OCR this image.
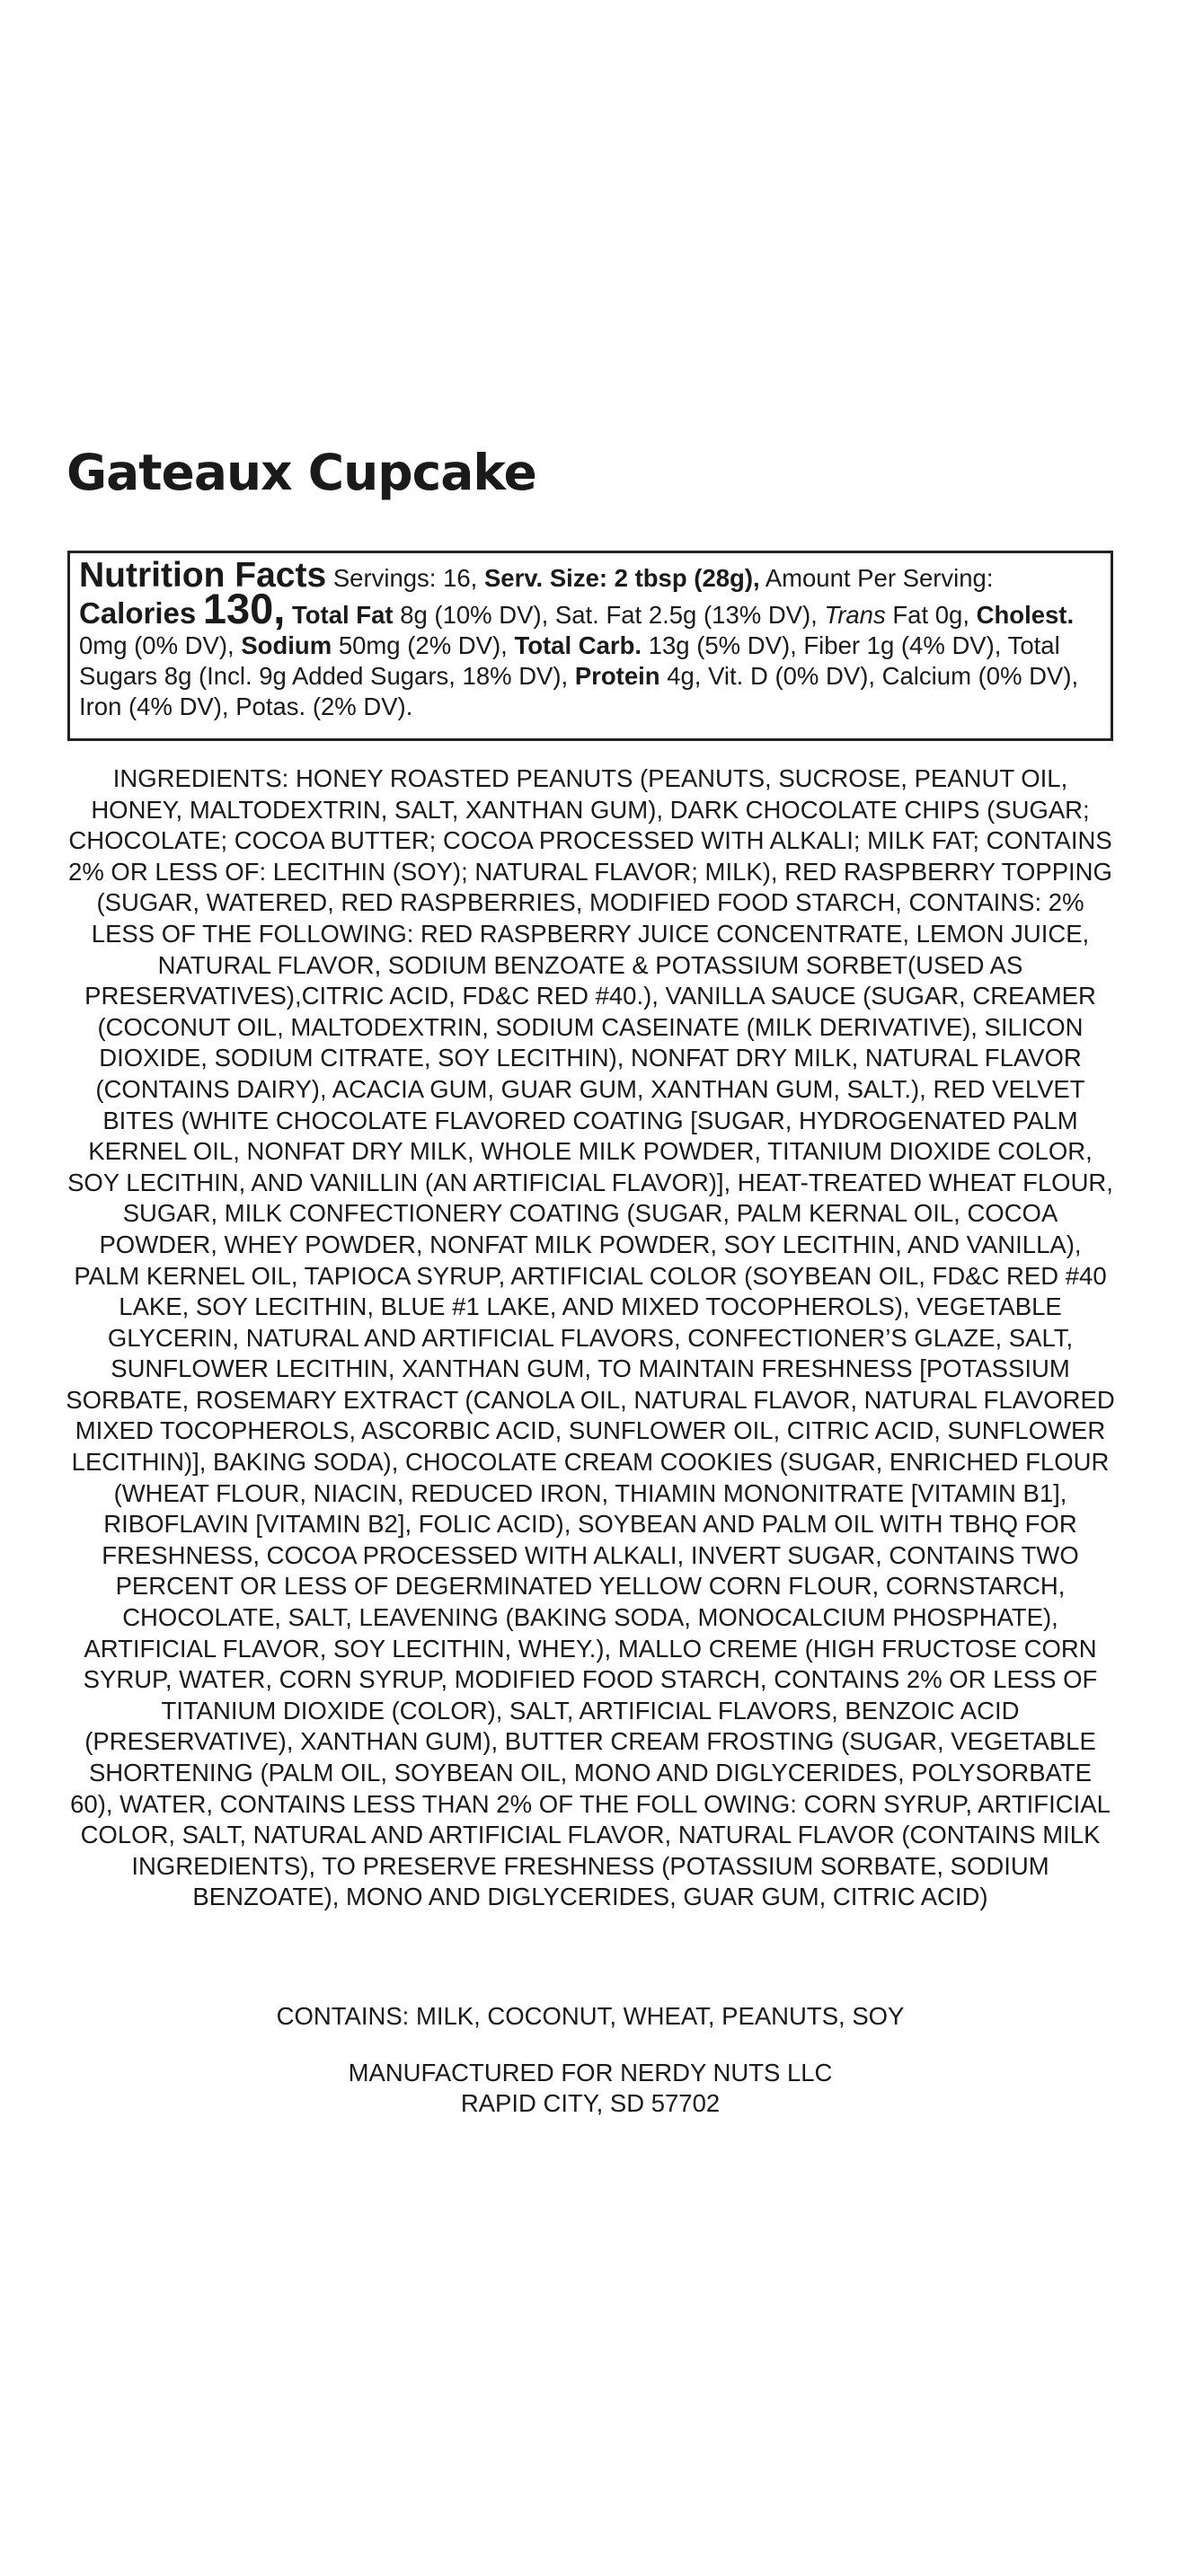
Gateaux Cupcake
Nutrition Facts Servings: 16, Serv. Size: 2 tbsp (28g), Amount Per Serving: Calories 130, Total Fat 8g (10% DV), Sat. Fat 2.5g (13% DV), Trans Fat 0g, Cholest. 0mg (0% DV), Sodium 50mg (2% DV), Total Carb. 13g (5% DV), Fiber 1g (4% DV), Total Sugars 8g (Incl. 9g Added Sugars, 18% DV), Protein 4g, Vit. D (0% DV), Calcium (0% DV), Iron (4% DV), Potas. (2% DV).

INGREDIENTS: HONEY ROASTED PEANUTS (PEANUTS, SUCROSE, PEANUT OIL, HONEY, MALTODEXTRIN, SALT, XANTHAN GUM), DARK CHOCOLATE CHIPS (SUGAR; CHOCOLATE; COCOA BUTTER; COCOA PROCESSED WITH ALKALI; MILK FAT; CONTAINS 2% OR LESS OF: LECITHIN (SOY); NATURAL FLAVOR; MILK), RED RASPBERRY TOPPING (SUGAR, WATERED, RED RASPBERRIES, MODIFIED FOOD STARCH, CONTAINS: 2% LESS OF THE FOLLOWING: RED RASPBERRY JUICE CONCENTRATE, LEMON JUICE, NATURAL FLAVOR, SODIUM BENZOATE & POTASSIUM SORBET(USED AS PRESERVATIVES),CITRIC ACID, FD&C RED #40.), VANILLA SAUCE (SUGAR, CREAMER (COCONUT OIL, MALTODEXTRIN, SODIUM CASEINATE (MILK DERIVATIVE), SILICON DIOXIDE, SODIUM CITRATE, SOY LECITHIN), NONFAT DRY MILK, NATURAL FLAVOR (CONTAINS DAIRY), ACACIA GUM, GUAR GUM, XANTHAN GUM, SALT.), RED VELVET BITES (WHITE CHOCOLATE FLAVORED COATING [SUGAR, HYDROGENATED PALM KERNEL OIL, NONFAT DRY MILK, WHOLE MILK POWDER, TITANIUM DIOXIDE COLOR, SOY LECITHIN, AND VANILLIN (AN ARTIFICIAL FLAVOR)], HEAT-TREATED WHEAT FLOUR, SUGAR, MILK CONFECTIONERY COATING (SUGAR, PALM KERNAL OIL, COCOA POWDER, WHEY POWDER, NONFAT MILK POWDER, SOY LECITHIN, AND VANILLA), PALM KERNEL OIL, TAPIOCA SYRUP, ARTIFICIAL COLOR (SOYBEAN OIL, FD&C RED #40 LAKE, SOY LECITHIN, BLUE #1 LAKE, AND MIXED TOCOPHEROLS), VEGETABLE GLYCERIN, NATURAL AND ARTIFICIAL FLAVORS, CONFECTIONER’S GLAZE, SALT, SUNFLOWER LECITHIN, XANTHAN GUM, TO MAINTAIN FRESHNESS [POTASSIUM SORBATE, ROSEMARY EXTRACT (CANOLA OIL, NATURAL FLAVOR, NATURAL FLAVORED MIXED TOCOPHEROLS, ASCORBIC ACID, SUNFLOWER OIL, CITRIC ACID, SUNFLOWER LECITHIN)], BAKING SODA), CHOCOLATE CREAM COOKIES (SUGAR, ENRICHED FLOUR (WHEAT FLOUR, NIACIN, REDUCED IRON, THIAMIN MONONITRATE [VITAMIN B1], RIBOFLAVIN [VITAMIN B2], FOLIC ACID), SOYBEAN AND PALM OIL WITH TBHQ FOR FRESHNESS, COCOA PROCESSED WITH ALKALI, INVERT SUGAR, CONTAINS TWO PERCENT OR LESS OF DEGERMINATED YELLOW CORN FLOUR, CORNSTARCH, CHOCOLATE, SALT, LEAVENING (BAKING SODA, MONOCALCIUM PHOSPHATE), ARTIFICIAL FLAVOR, SOY LECITHIN, WHEY.), MALLO CREME (HIGH FRUCTOSE CORN SYRUP, WATER, CORN SYRUP, MODIFIED FOOD STARCH, CONTAINS 2% OR LESS OF TITANIUM DIOXIDE (COLOR), SALT, ARTIFICIAL FLAVORS, BENZOIC ACID (PRESERVATIVE), XANTHAN GUM), BUTTER CREAM FROSTING (SUGAR, VEGETABLE SHORTENING (PALM OIL, SOYBEAN OIL, MONO AND DIGLYCERIDES, POLYSORBATE 60), WATER, CONTAINS LESS THAN 2% OF THE FOLL OWING: CORN SYRUP, ARTIFICIAL COLOR, SALT, NATURAL AND ARTIFICIAL FLAVOR, NATURAL FLAVOR (CONTAINS MILK INGREDIENTS), TO PRESERVE FRESHNESS (POTASSIUM SORBATE, SODIUM BENZOATE), MONO AND DIGLYCERIDES, GUAR GUM, CITRIC ACID)

CONTAINS: MILK, COCONUT, WHEAT, PEANUTS, SOY

MANUFACTURED FOR NERDY NUTS LLC
RAPID CITY, SD 57702
